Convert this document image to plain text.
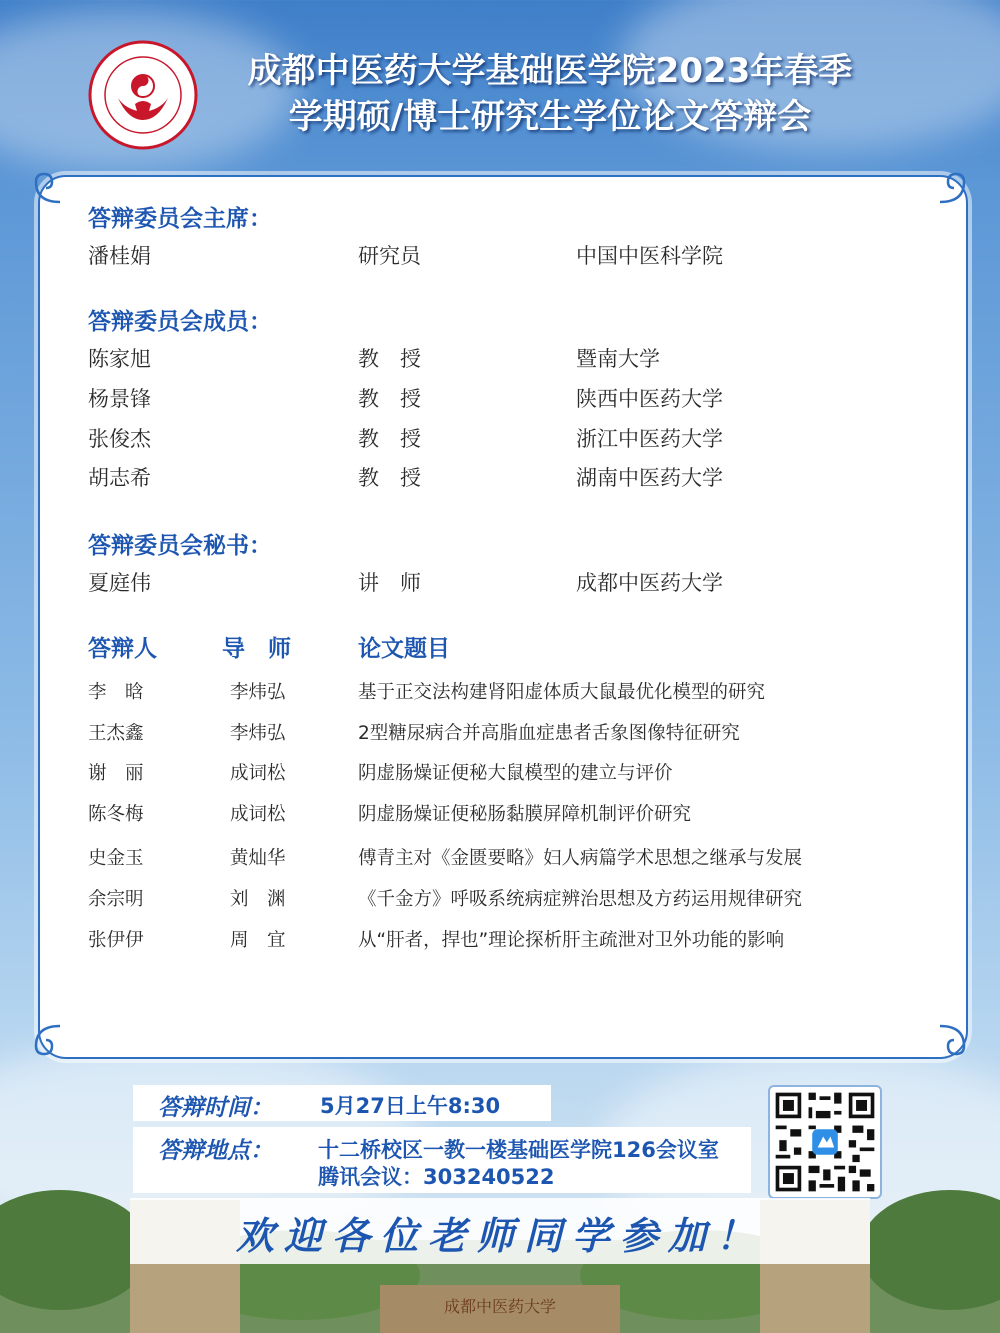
成都中医药大学基础医学院2023年春季
学期硕/博士研究生学位论文答辩会
答辩委员会主席：
潘桂娟	研究员	中国中医科学院
答辩委员会成员：
陈家旭	教　授	暨南大学
杨景锋	教　授	陕西中医药大学
张俊杰	教　授	浙江中医药大学
胡志希	教　授	湖南中医药大学
答辩委员会秘书：
夏庭伟	讲　师	成都中医药大学
答辩人	导　师	论文题目
李　晗	李炜弘	基于正交法构建肾阳虚体质大鼠最优化模型的研究
王杰鑫	李炜弘	2型糖尿病合并高脂血症患者舌象图像特征研究
谢　丽	成词松	阴虚肠燥证便秘大鼠模型的建立与评价
陈冬梅	成词松	阴虚肠燥证便秘肠黏膜屏障机制评价研究
史金玉	黄灿华	傅青主对《金匮要略》妇人病篇学术思想之继承与发展
余宗明	刘　渊	《千金方》呼吸系统病症辨治思想及方药运用规律研究
张伊伊	周　宜	从“肝者，捍也”理论探析肝主疏泄对卫外功能的影响
成都中医药大学
答辩时间： 5月27日上午8:30
答辩地点： 十二桥校区一教一楼基础医学院126会议室
腾讯会议：303240522
欢迎各位老师同学参加！
